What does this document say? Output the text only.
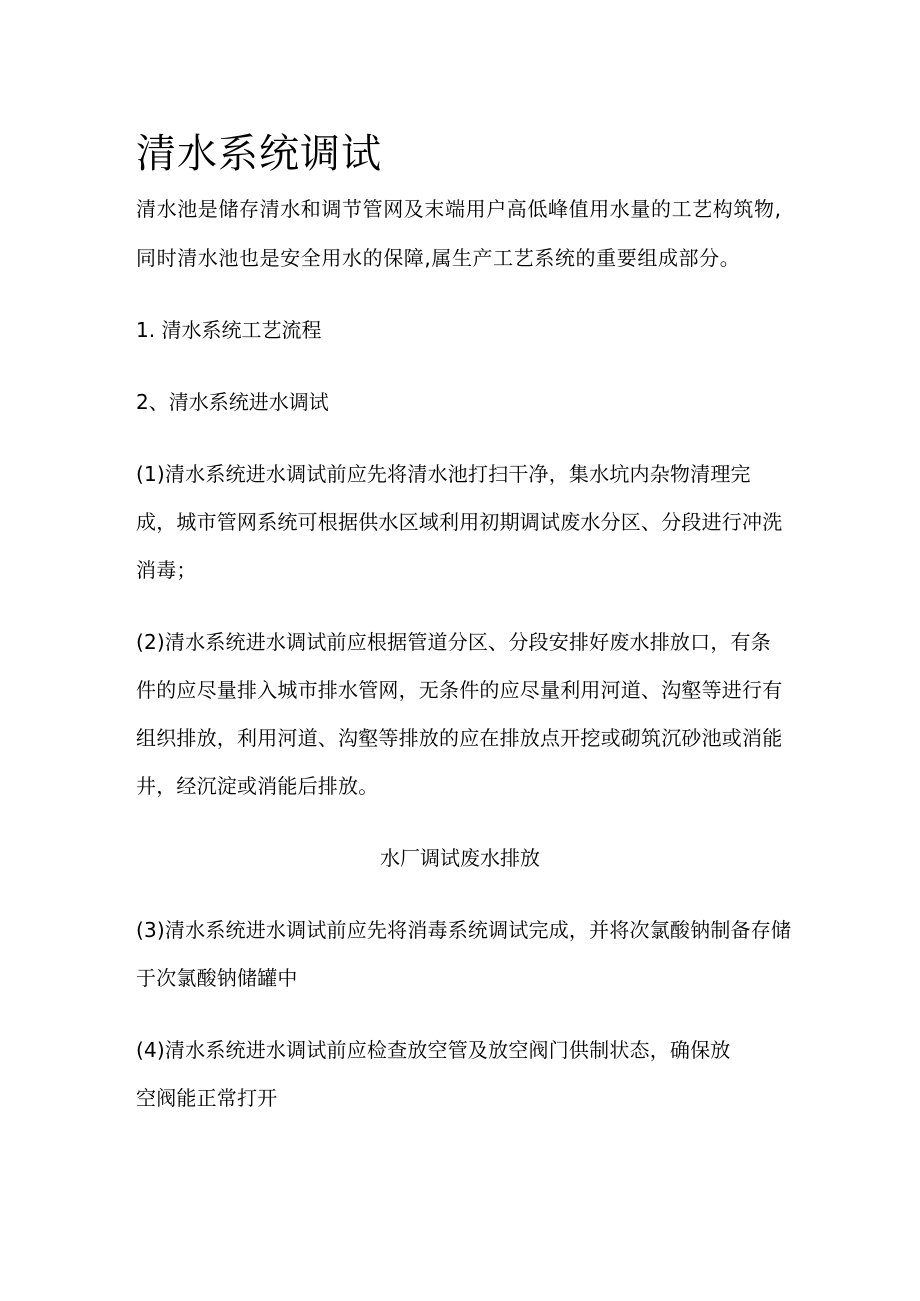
清水系统调试
清水池是储存清水和调节管网及末端用户高低峰值用水量的工艺构筑物,
同时清水池也是安全用水的保障,属生产工艺系统的重要组成部分。
1. 清水系统工艺流程
2、清水系统进水调试
(1)清水系统进水调试前应先将清水池打扫干净，集水坑内杂物清理完
成，城市管网系统可根据供水区域利用初期调试废水分区、分段进行冲洗
消毒；
(2)清水系统进水调试前应根据管道分区、分段安排好废水排放口，有条
件的应尽量排入城市排水管网，无条件的应尽量利用河道、沟壑等进行有
组织排放，利用河道、沟壑等排放的应在排放点开挖或砌筑沉砂池或消能
井，经沉淀或消能后排放。
水厂调试废水排放
(3)清水系统进水调试前应先将消毒系统调试完成，并将次氯酸钠制备存储
于次氯酸钠储罐中
(4)清水系统进水调试前应检查放空管及放空阀门供制状态，确保放
空阀能正常打开
